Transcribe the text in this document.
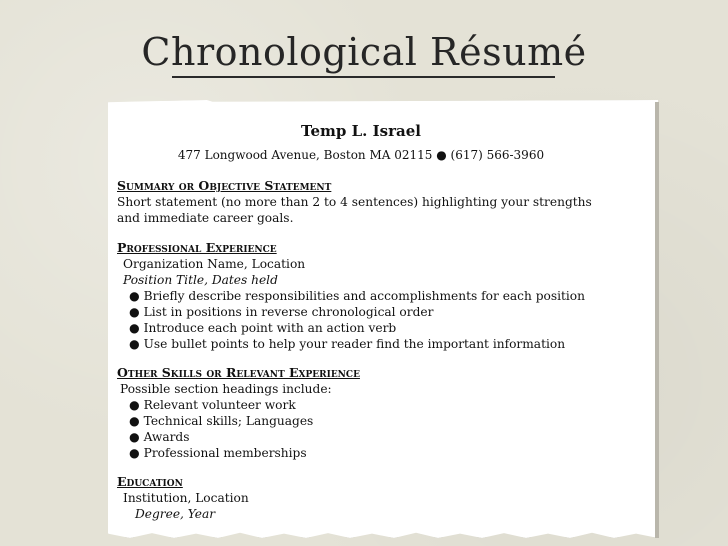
Chronological Résumé
Temp L. Israel
477 Longwood Avenue, Boston MA 02115 ● (617) 566-3960
Summary or Objective Statement
Short statement (no more than 2 to 4 sentences) highlighting your strengths
and immediate career goals.
Professional Experience
Organization Name, Location
Position Title, Dates held
● Briefly describe responsibilities and accomplishments for each position
● List in positions in reverse chronological order
● Introduce each point with an action verb
● Use bullet points to help your reader find the important information
Other Skills or Relevant Experience
Possible section headings include:
● Relevant volunteer work
● Technical skills; Languages
● Awards
● Professional memberships
Education
Institution, Location
Degree, Year
